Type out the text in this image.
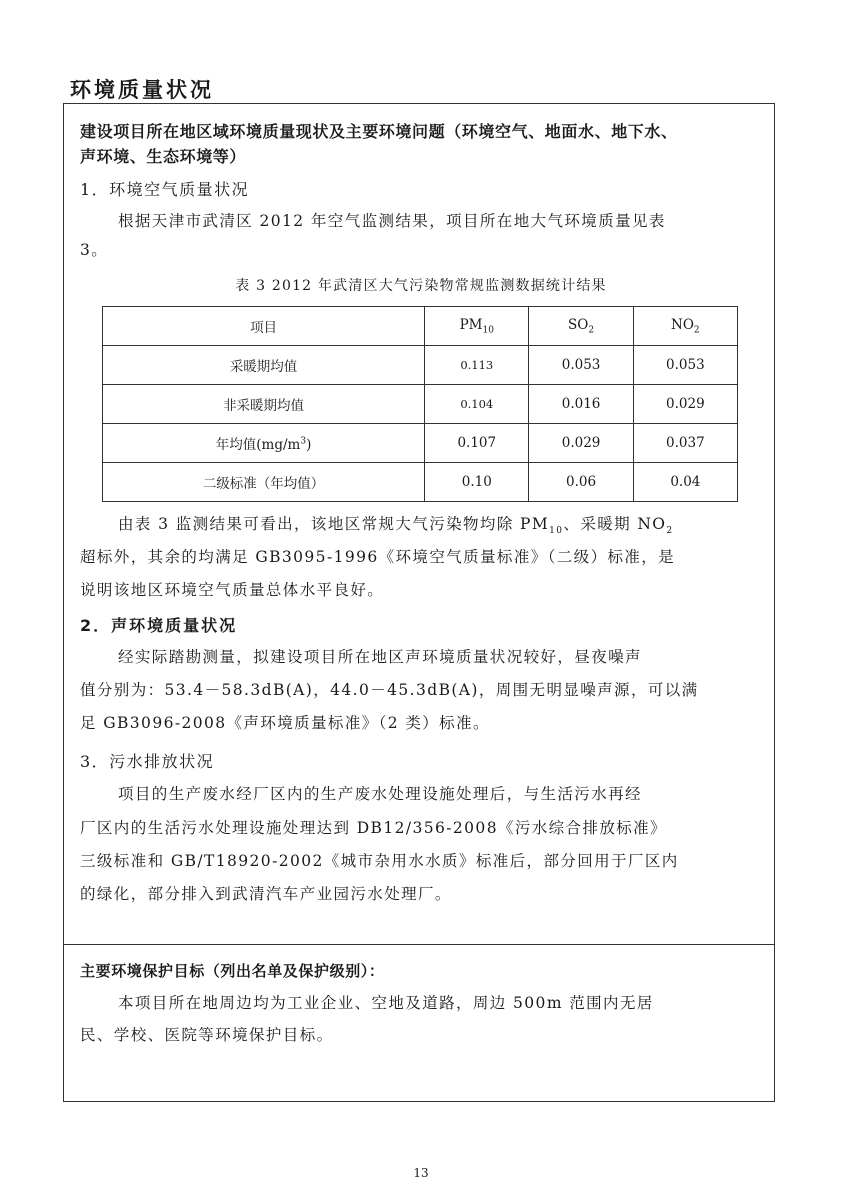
环境质量状况
建设项目所在地区域环境质量现状及主要环境问题（环境空气、地面水、地下水、
声环境、生态环境等）
1．环境空气质量状况
根据天津市武清区 2012 年空气监测结果，项目所在地大气环境质量见表
3。
表 3 2012 年武清区大气污染物常规监测数据统计结果
项目	$PM_{10}$	$SO_2$	$NO_2$
采暖期均值	0.113	0.053	0.053
非采暖期均值	0.104	0.016	0.029
年均值$(mg/m^3)$	0.107	0.029	0.037
二级标准（年均值）	0.10	0.06	0.04
由表 3 监测结果可看出，该地区常规大气污染物均除 $PM_{10}$、采暖期 $NO_2$
超标外，其余的均满足 GB3095-1996《环境空气质量标准》（二级）标准，是
说明该地区环境空气质量总体水平良好。
2．声环境质量状况
经实际踏勘测量，拟建设项目所在地区声环境质量状况较好，昼夜噪声
值分别为：53.4－58.3dB(A)，44.0－45.3dB(A)，周围无明显噪声源，可以满
足 GB3096-2008《声环境质量标准》（2 类）标准。
3．污水排放状况
项目的生产废水经厂区内的生产废水处理设施处理后，与生活污水再经
厂区内的生活污水处理设施处理达到 DB12/356-2008《污水综合排放标准》
三级标准和 GB/T18920-2002《城市杂用水水质》标准后，部分回用于厂区内
的绿化，部分排入到武清汽车产业园污水处理厂。
主要环境保护目标（列出名单及保护级别）：
本项目所在地周边均为工业企业、空地及道路，周边 500m 范围内无居
民、学校、医院等环境保护目标。
13
